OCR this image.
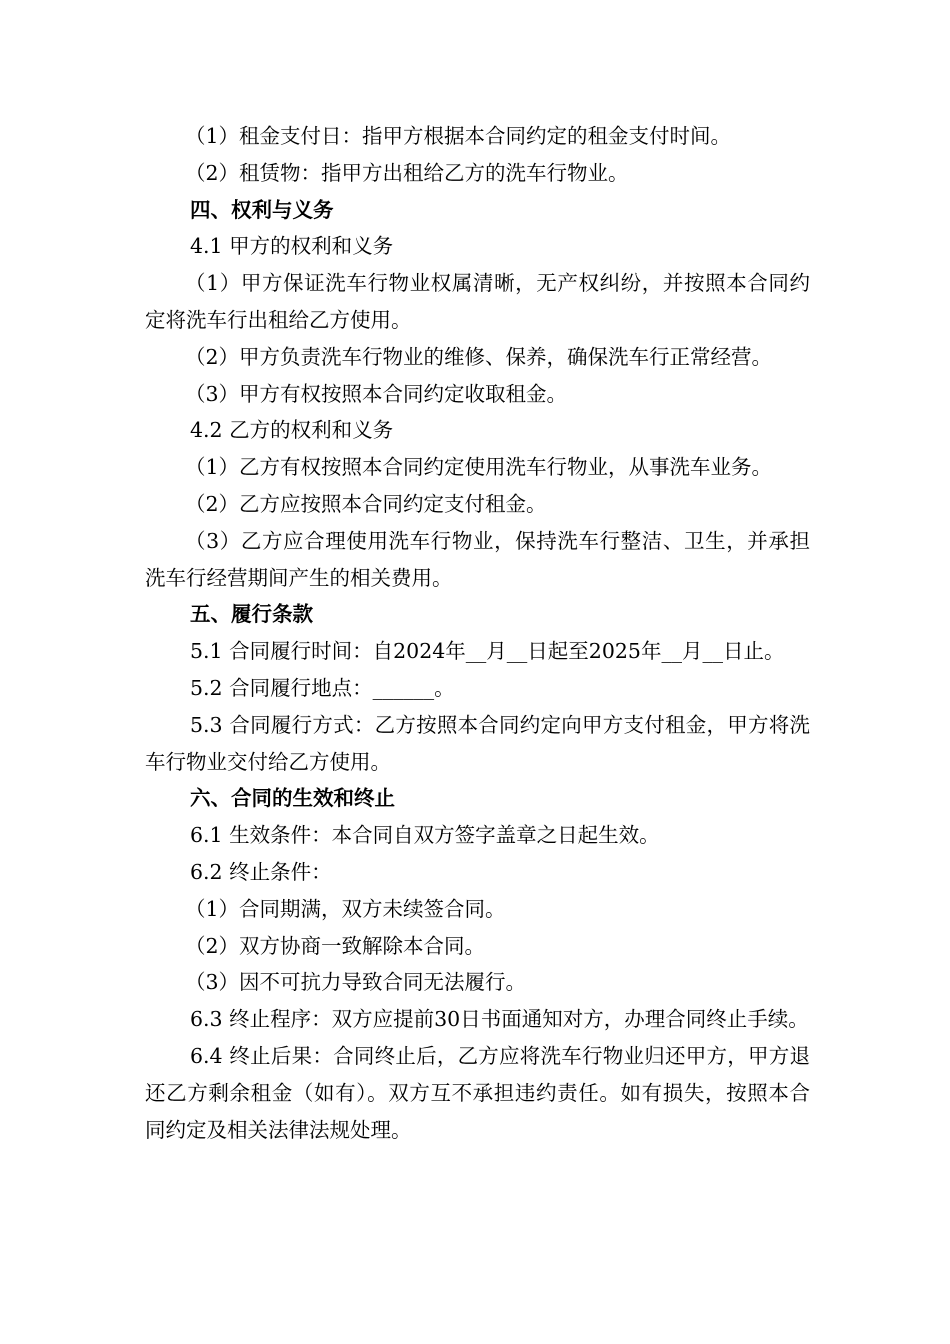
（1）租金支付日：指甲方根据本合同约定的租金支付时间。

（2）租赁物：指甲方出租给乙方的洗车行物业。

四、权利与义务

4.1 甲方的权利和义务

（1）甲方保证洗车行物业权属清晰，无产权纠纷，并按照本合同约定将洗车行出租给乙方使用。

（2）甲方负责洗车行物业的维修、保养，确保洗车行正常经营。

（3）甲方有权按照本合同约定收取租金。

4.2 乙方的权利和义务

（1）乙方有权按照本合同约定使用洗车行物业，从事洗车业务。

（2）乙方应按照本合同约定支付租金。

（3）乙方应合理使用洗车行物业，保持洗车行整洁、卫生，并承担洗车行经营期间产生的相关费用。

五、履行条款

5.1 合同履行时间：自2024年__月__日起至2025年__月__日止。

5.2 合同履行地点：______。

5.3 合同履行方式：乙方按照本合同约定向甲方支付租金，甲方将洗车行物业交付给乙方使用。

六、合同的生效和终止

6.1 生效条件：本合同自双方签字盖章之日起生效。

6.2 终止条件：

（1）合同期满，双方未续签合同。

（2）双方协商一致解除本合同。

（3）因不可抗力导致合同无法履行。

6.3 终止程序：双方应提前30日书面通知对方，办理合同终止手续。

6.4 终止后果：合同终止后，乙方应将洗车行物业归还甲方，甲方退还乙方剩余租金（如有）。双方互不承担违约责任。如有损失，按照本合同约定及相关法律法规处理。
